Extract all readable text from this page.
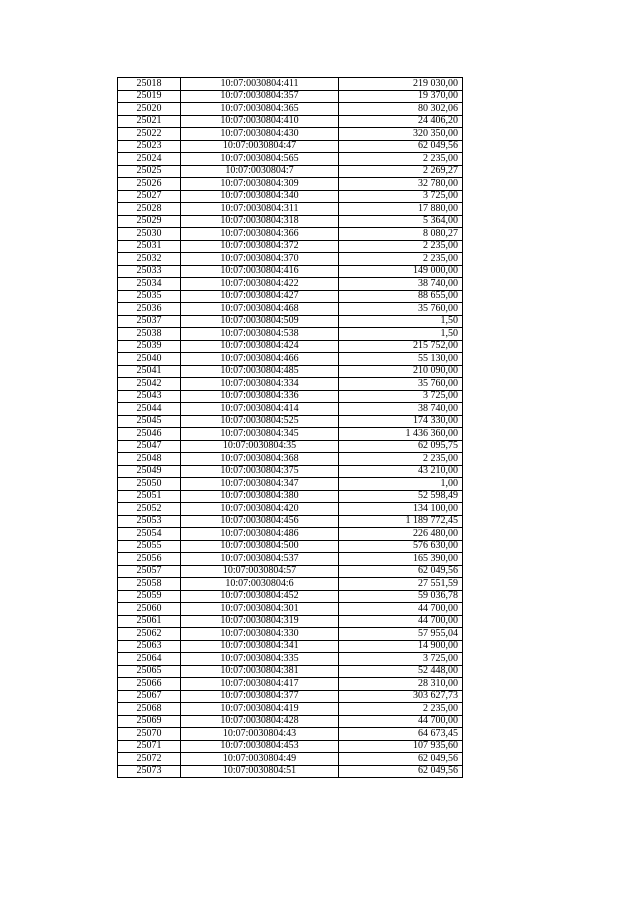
25018	10:07:0030804:411	219 030,00
25019	10:07:0030804:357	19 370,00
25020	10:07:0030804:365	80 302,06
25021	10:07:0030804:410	24 406,20
25022	10:07:0030804:430	320 350,00
25023	10:07:0030804:47	62 049,56
25024	10:07:0030804:565	2 235,00
25025	10:07:0030804:7	2 269,27
25026	10:07:0030804:309	32 780,00
25027	10:07:0030804:340	3 725,00
25028	10:07:0030804:311	17 880,00
25029	10:07:0030804:318	5 364,00
25030	10:07:0030804:366	8 080,27
25031	10:07:0030804:372	2 235,00
25032	10:07:0030804:370	2 235,00
25033	10:07:0030804:416	149 000,00
25034	10:07:0030804:422	38 740,00
25035	10:07:0030804:427	88 655,00
25036	10:07:0030804:468	35 760,00
25037	10:07:0030804:509	1,50
25038	10:07:0030804:538	1,50
25039	10:07:0030804:424	215 752,00
25040	10:07:0030804:466	55 130,00
25041	10:07:0030804:485	210 090,00
25042	10:07:0030804:334	35 760,00
25043	10:07:0030804:336	3 725,00
25044	10:07:0030804:414	38 740,00
25045	10:07:0030804:525	174 330,00
25046	10:07:0030804:345	1 436 360,00
25047	10:07:0030804:35	62 095,75
25048	10:07:0030804:368	2 235,00
25049	10:07:0030804:375	43 210,00
25050	10:07:0030804:347	1,00
25051	10:07:0030804:380	52 598,49
25052	10:07:0030804:420	134 100,00
25053	10:07:0030804:456	1 189 772,45
25054	10:07:0030804:486	226 480,00
25055	10:07:0030804:500	576 630,00
25056	10:07:0030804:537	165 390,00
25057	10:07:0030804:57	62 049,56
25058	10:07:0030804:6	27 551,59
25059	10:07:0030804:452	59 036,78
25060	10:07:0030804:301	44 700,00
25061	10:07:0030804:319	44 700,00
25062	10:07:0030804:330	57 955,04
25063	10:07:0030804:341	14 900,00
25064	10:07:0030804:335	3 725,00
25065	10:07:0030804:381	52 448,00
25066	10:07:0030804:417	28 310,00
25067	10:07:0030804:377	303 627,73
25068	10:07:0030804:419	2 235,00
25069	10:07:0030804:428	44 700,00
25070	10:07:0030804:43	64 673,45
25071	10:07:0030804:453	107 935,60
25072	10:07:0030804:49	62 049,56
25073	10:07:0030804:51	62 049,56
